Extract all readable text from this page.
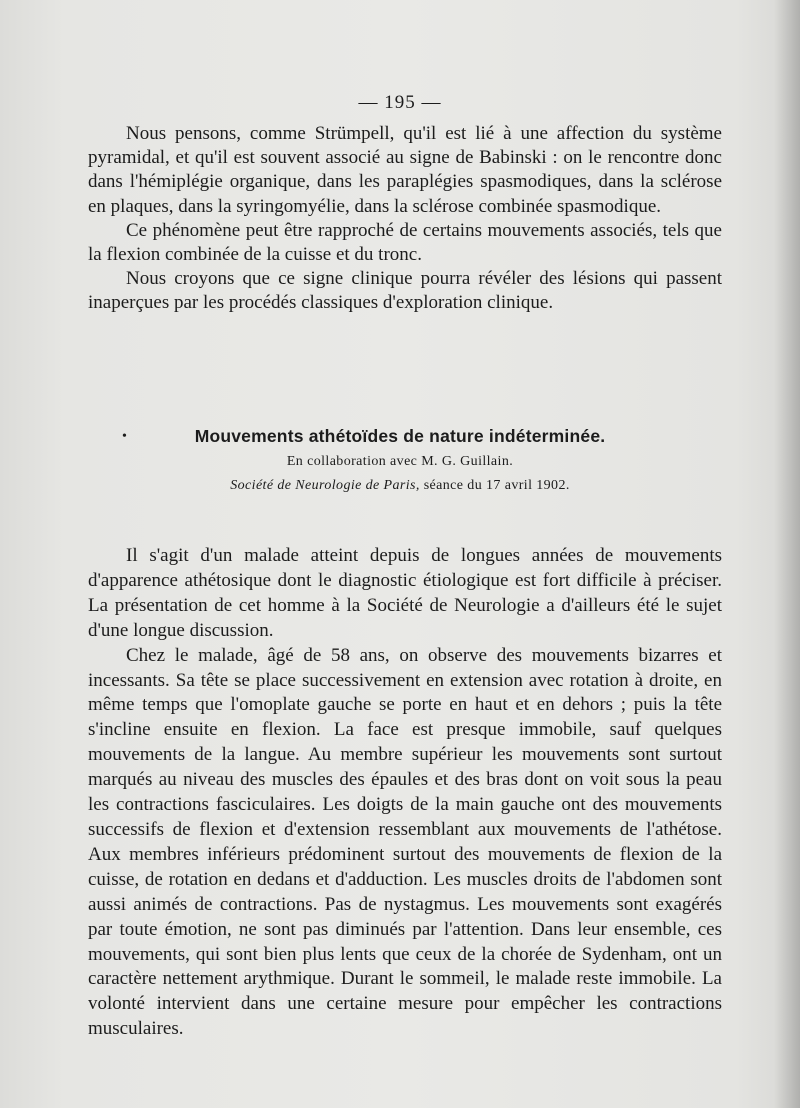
— 195 —

Nous pensons, comme Strümpell, qu'il est lié à une affection du système pyramidal, et qu'il est souvent associé au signe de Babinski : on le rencontre donc dans l'hémiplégie organique, dans les paraplégies spasmodiques, dans la sclérose en plaques, dans la syringomyélie, dans la sclérose combinée spasmodique.

Ce phénomène peut être rapproché de certains mouvements associés, tels que la flexion combinée de la cuisse et du tronc.

Nous croyons que ce signe clinique pourra révéler des lésions qui passent inaperçues par les procédés classiques d'exploration clinique.

•	Mouvements athétoïdes de nature indéterminée.
En collaboration avec M. G. Guillain.
Société de Neurologie de Paris, séance du 17 avril 1902.

Il s'agit d'un malade atteint depuis de longues années de mouvements d'apparence athétosique dont le diagnostic étiologique est fort difficile à préciser. La présentation de cet homme à la Société de Neurologie a d'ailleurs été le sujet d'une longue discussion.

Chez le malade, âgé de 58 ans, on observe des mouvements bizarres et incessants. Sa tête se place successivement en extension avec rotation à droite, en même temps que l'omoplate gauche se porte en haut et en dehors ; puis la tête s'incline ensuite en flexion. La face est presque immobile, sauf quelques mouvements de la langue. Au membre supérieur les mouvements sont surtout marqués au niveau des muscles des épaules et des bras dont on voit sous la peau les contractions fasciculaires. Les doigts de la main gauche ont des mouvements successifs de flexion et d'extension ressemblant aux mouvements de l'athétose. Aux membres inférieurs prédominent surtout des mouvements de flexion de la cuisse, de rotation en dedans et d'adduction. Les muscles droits de l'abdomen sont aussi animés de contractions. Pas de nystagmus. Les mouvements sont exagérés par toute émotion, ne sont pas diminués par l'attention. Dans leur ensemble, ces mouvements, qui sont bien plus lents que ceux de la chorée de Sydenham, ont un caractère nettement arythmique. Durant le sommeil, le malade reste immobile. La volonté intervient dans une certaine mesure pour empêcher les contractions musculaires.
